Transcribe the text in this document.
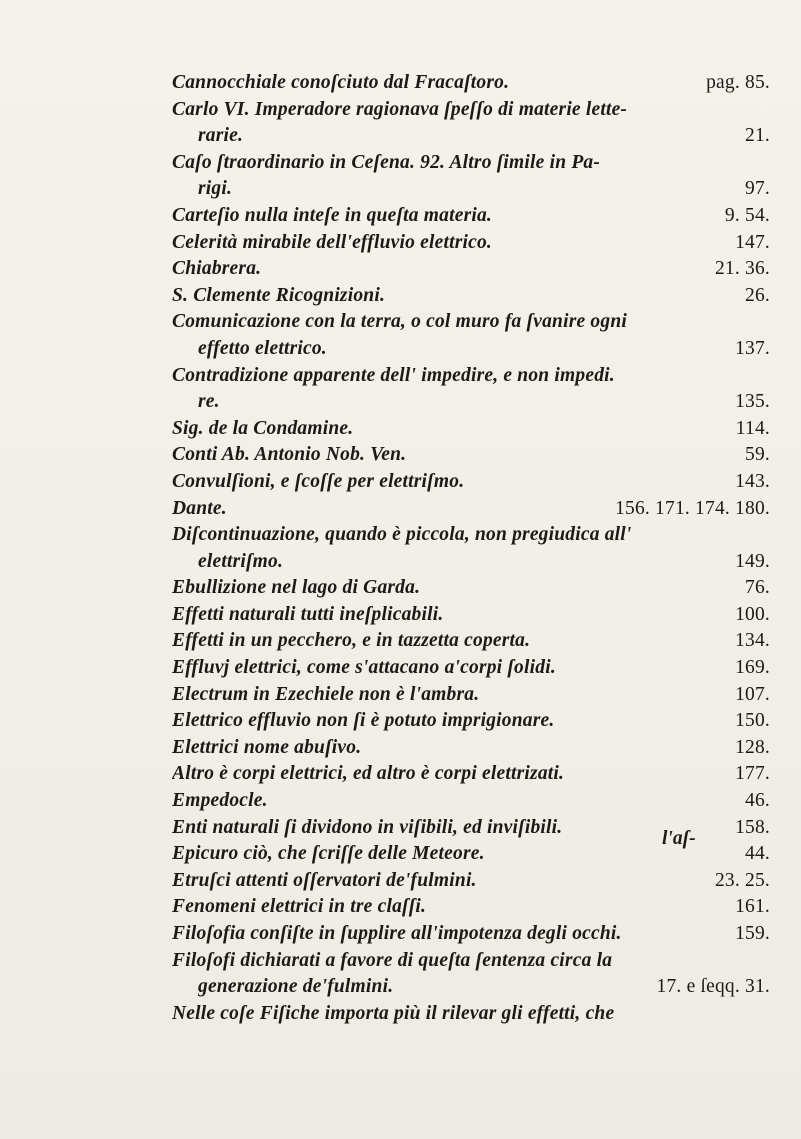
Cannocchiale conoſciuto dal Fracaſtoro.	pag. 85.
Carlo VI. Imperadore ragionava ſpeſſo di materie lette-
rarie.	21.
Caſo ſtraordinario in Ceſena. 92. Altro ſimile in Pa-
rigi.	97.
Carteſio nulla inteſe in queſta materia.	9. 54.
Celerità mirabile dell'effluvio elettrico.	147.
Chiabrera.	21. 36.
S. Clemente Ricognizioni.	26.
Comunicazione con la terra, o col muro fa ſvanire ogni
effetto elettrico.	137.
Contradizione apparente dell' impedire, e non impedi.
re.	135.
Sig. de la Condamine.	114.
Conti Ab. Antonio Nob. Ven.	59.
Convulſioni, e ſcoſſe per elettriſmo.	143.
Dante.	156. 171. 174. 180.
Diſcontinuazione, quando è piccola, non pregiudica all'
elettriſmo.	149.
Ebullizione nel lago di Garda.	76.
Effetti naturali tutti ineſplicabili.	100.
Effetti in un pecchero, e in tazzetta coperta.	134.
Effluvj elettrici, come s'attacano a'corpi ſolidi.	169.
Electrum in Ezechiele non è l'ambra.	107.
Elettrico effluvio non ſi è potuto imprigionare.	150.
Elettrici nome abuſivo.	128.
Altro è corpi elettrici, ed altro è corpi elettrizati.	177.
Empedocle.	46.
Enti naturali ſi dividono in viſibili, ed inviſibili.	158.
Epicuro ciò, che ſcriſſe delle Meteore.	44.
Etruſci attenti oſſervatori de'fulmini.	23. 25.
Fenomeni elettrici in tre claſſi.	161.
Filoſofia conſiſte in ſupplire all'impotenza degli occhi.	159.
Filoſofi dichiarati a favore di queſta ſentenza circa la
generazione de'fulmini.	17. e ſeqq. 31.
Nelle coſe Fiſiche importa più il rilevar gli effetti, che
l'aſ-
